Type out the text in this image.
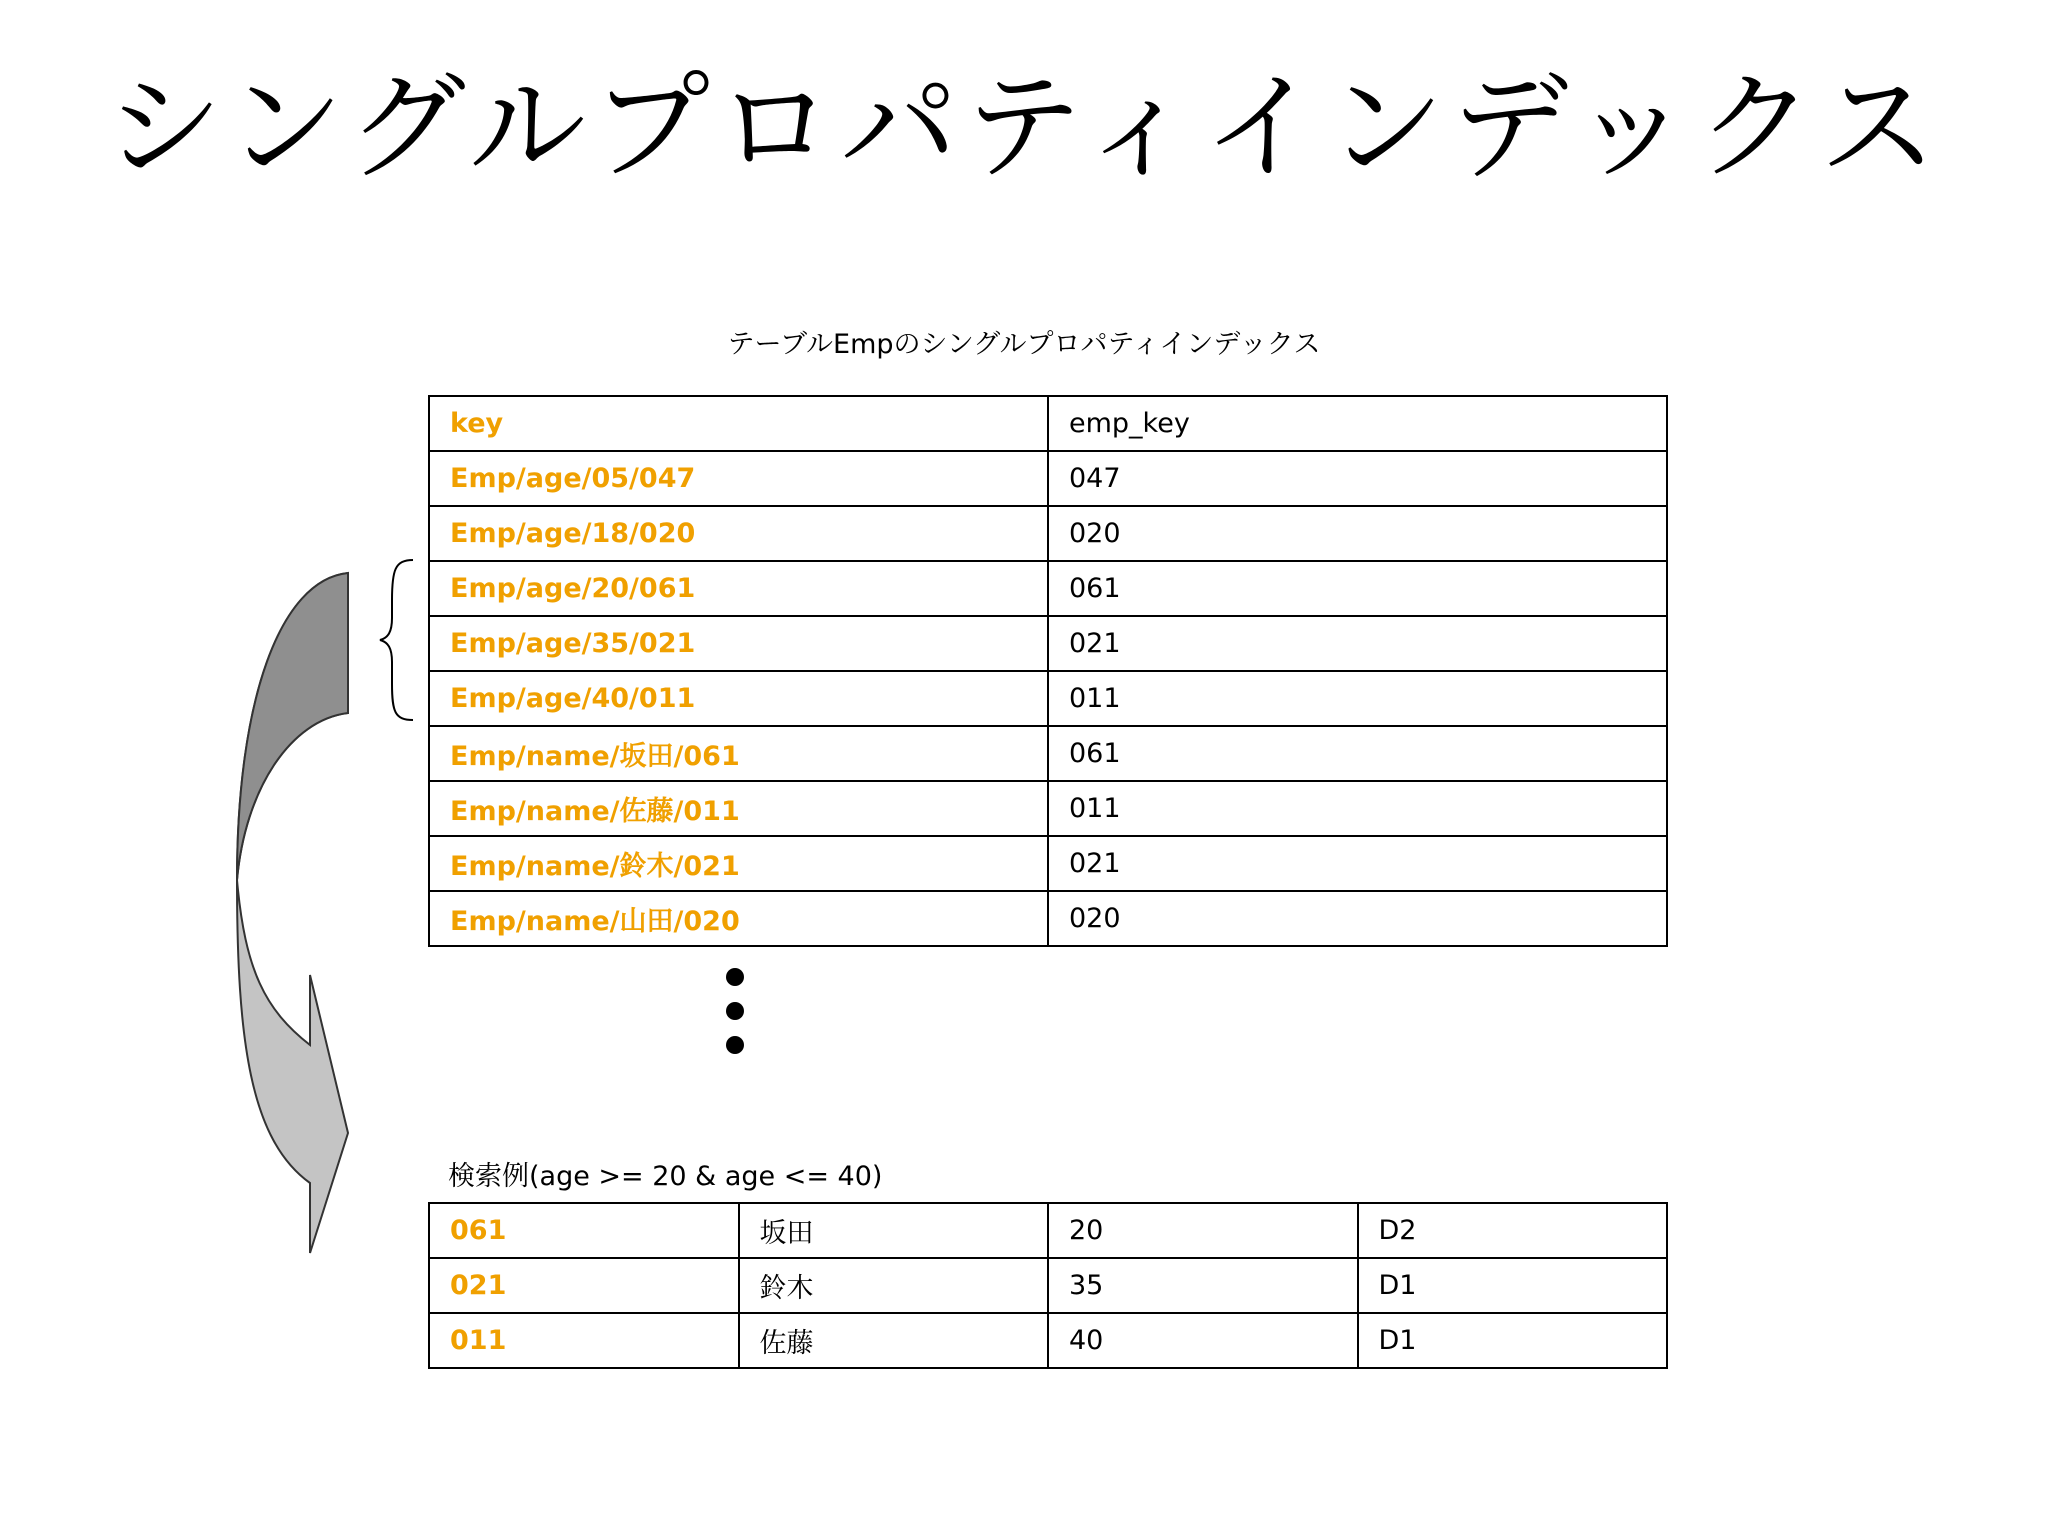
シングルプロパティインデックス
テーブルEmpのシングルプロパティインデックス
key	emp_key
Emp/age/05/047	047
Emp/age/18/020	020
Emp/age/20/061	061
Emp/age/35/021	021
Emp/age/40/011	011
Emp/name/坂田/061	061
Emp/name/佐藤/011	011
Emp/name/鈴木/021	021
Emp/name/山田/020	020
検索例(age >= 20 & age <= 40)
061	坂田	20	D2
021	鈴木	35	D1
011	佐藤	40	D1
